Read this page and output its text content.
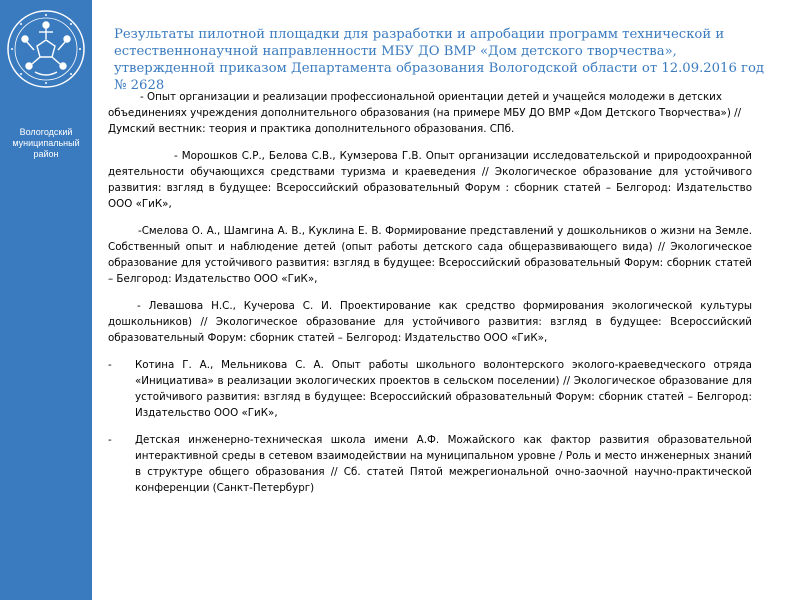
Вологодский
муниципальный
район
Результаты пилотной площадки для разработки и апробации программ технической и естественнонаучной направленности МБУ ДО ВМР «Дом детского творчества», утвержденной приказом Департамента образования Вологодской области от 12.09.2016 год № 2628

- Опыт организации и реализации профессиональной ориентации детей и учащейся молодежи в детских объединениях учреждения дополнительного образования (на примере МБУ ДО ВМР «Дом Детского Творчества») // Думский вестник: теория и практика дополнительного образования. СПб.

- Морошков С.Р., Белова С.В., Кумзерова Г.В. Опыт организации исследовательской и природоохранной деятельности обучающихся средствами туризма и краеведения // Экологическое образование для устойчивого развития: взгляд в будущее: Всероссийский образовательный Форум : сборник статей – Белгород: Издательство ООО «ГиК»,

-Смелова О. А., Шамгина А. В., Куклина Е. В. Формирование представлений у дошкольников о жизни на Земле. Собственный опыт и наблюдение детей (опыт работы детского сада общеразвивающего вида) // Экологическое образование для устойчивого развития: взгляд в будущее: Всероссийский образовательный Форум: сборник статей – Белгород: Издательство ООО «ГиК»,

- Левашова Н.С., Кучерова С. И. Проектирование как средство формирования экологической культуры дошкольников) // Экологическое образование для устойчивого развития: взгляд в будущее: Всероссийский образовательный Форум: сборник статей – Белгород: Издательство ООО «ГиК»,

- Котина Г. А., Мельникова С. А. Опыт работы школьного волонтерского эколого-краеведческого отряда «Инициатива» в реализации экологических проектов в сельском поселении) // Экологическое образование для устойчивого развития: взгляд в будущее: Всероссийский образовательный Форум: сборник статей – Белгород: Издательство ООО «ГиК»,

- Детская инженерно-техническая школа имени А.Ф. Можайского как фактор развития образовательной интерактивной среды в сетевом взаимодействии на муниципальном уровне / Роль и место инженерных знаний в структуре общего образования // Сб. статей Пятой межрегиональной очно-заочной научно-практической конференции (Санкт-Петербург)
